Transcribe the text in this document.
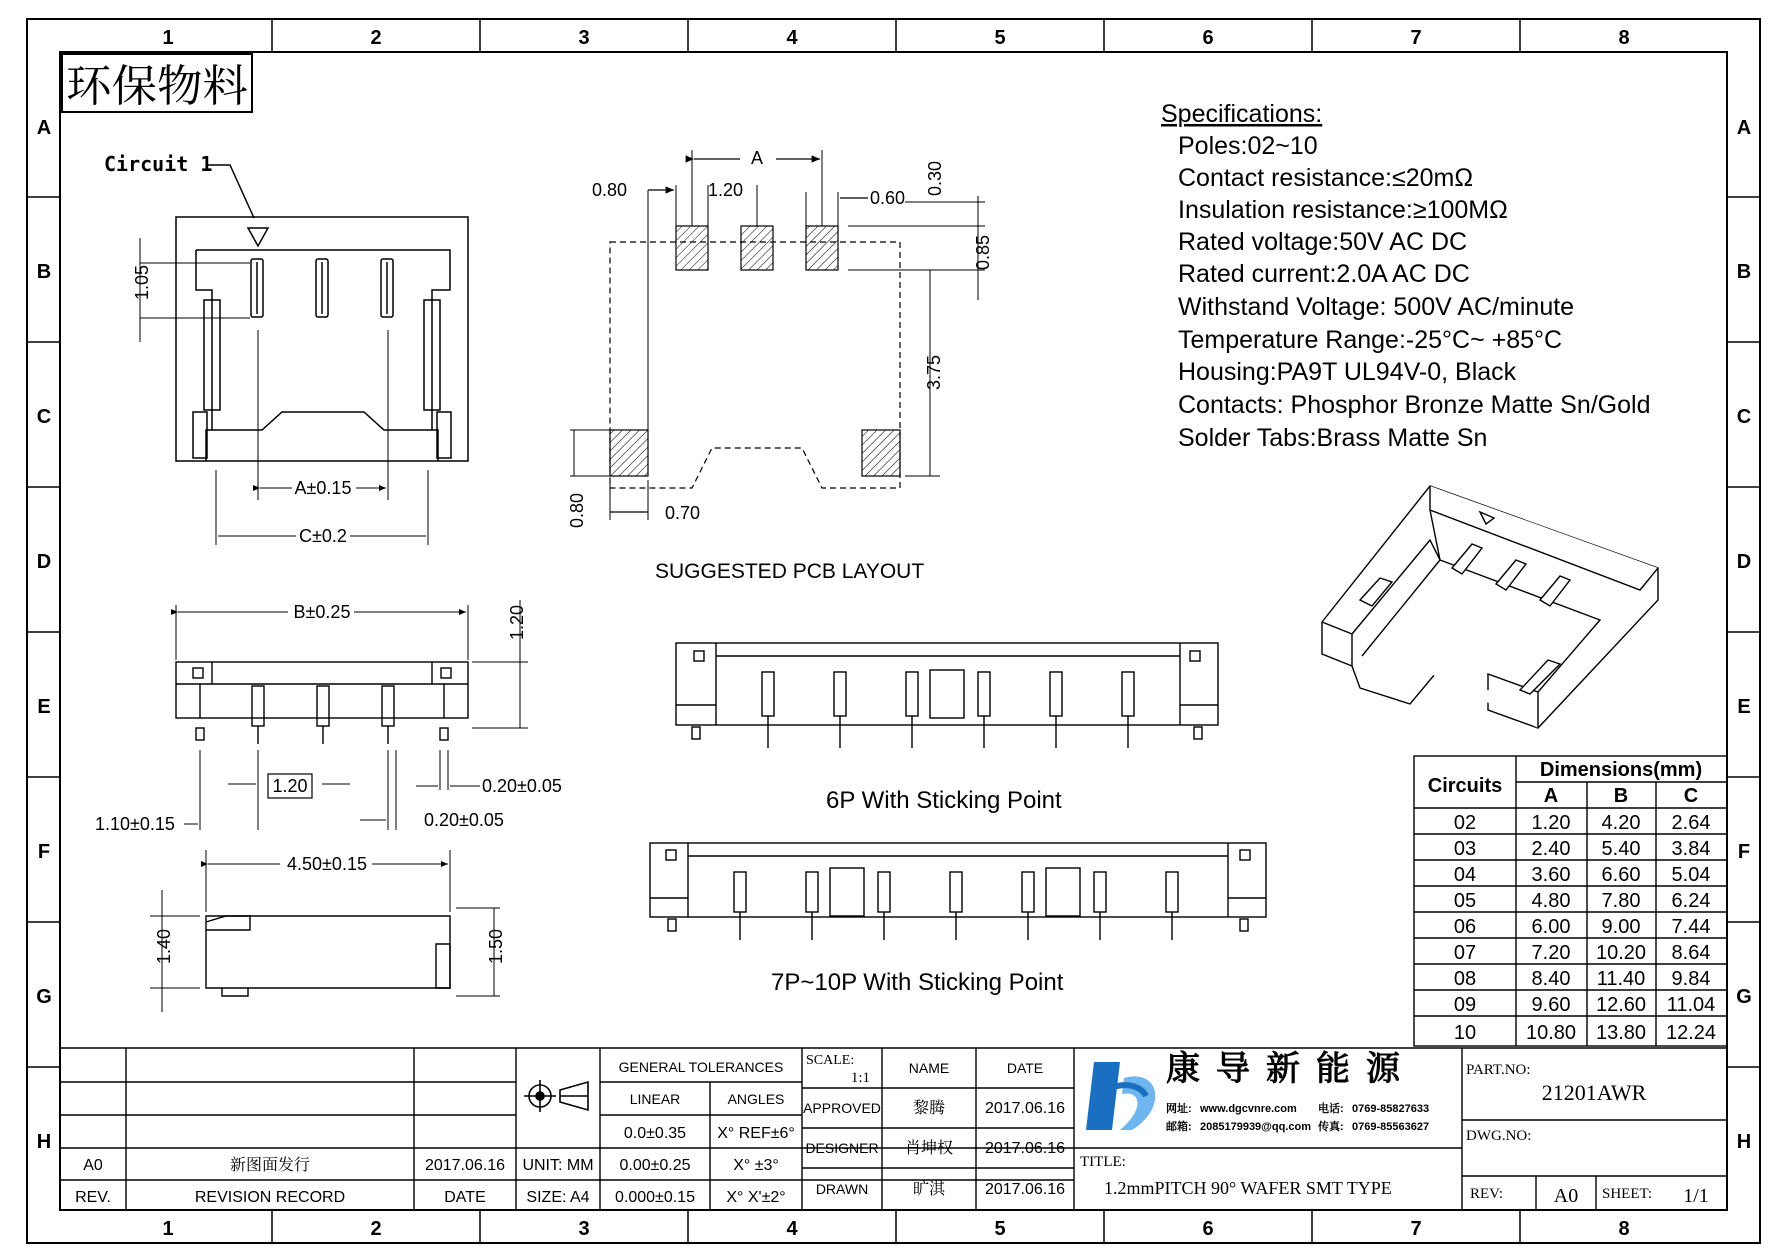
1	2	3	4	5	6	7	8
1	2	3	4	5	6	7	8
A
B
C
D
E
F
G
H
A
B
C
D
E
F
G
H
环保物料
Circuit 1
1.05
A±0.15
C±0.2
A
0.80	1.20	0.60
0.30
0.85
3.75
0.80	0.70
SUGGESTED PCB LAYOUT
Specifications:
Poles:02~10
Contact resistance:≤20mΩ
Insulation resistance:≥100MΩ
Rated voltage:50V AC DC
Rated current:2.0A AC DC
Withstand Voltage: 500V AC/minute
Temperature Range:-25°C~ +85°C
Housing:PA9T UL94V-0, Black
Contacts: Phosphor Bronze Matte Sn/Gold
Solder Tabs:Brass Matte Sn
B±0.25	1.20
1.20	0.20±0.05
1.10±0.15	0.20±0.05
4.50±0.15
1.40	1.50
6P With Sticking Point
7P~10P With Sticking Point
Circuits
Dimensions(mm)
A	B	C
02	1.20 4.20 2.64
03	2.40 5.40 3.84
04	3.60 6.60 5.04
05	4.80 7.80 6.24
06	6.00 9.00 7.44
07	7.20 10.20 8.64
08	8.40 11.40 9.84
09	9.60 12.60 11.04
10 10.80 13.80 12.24
A0	新图面发行	2017.06.16
REV.	REVISION RECORD	DATE
UNIT: MM
SIZE: A4
GENERAL TOLERANCES
LINEAR	ANGLES
0.0±0.35 X° REF±6°
0.00±0.25	X° ±3°
0.000±0.15 X° X'±2°
NAME	DATE
APPROVED 黎腾 2017.06.16
DESIGNER 肖坤权 2017.06.16
DRAWN	旷淇 2017.06.16
SCALE:
1:1	康导新能源
网址: www.dgcvnre.com 电话: 0769-85827633
邮箱: 2085179939@qq.com 传真: 0769-85563627
TITLE:
1.2mmPITCH 90° WAFER SMT TYPE
PART.NO:
21201AWR
DWG.NO:
REV:	A0 SHEET: 1/1
